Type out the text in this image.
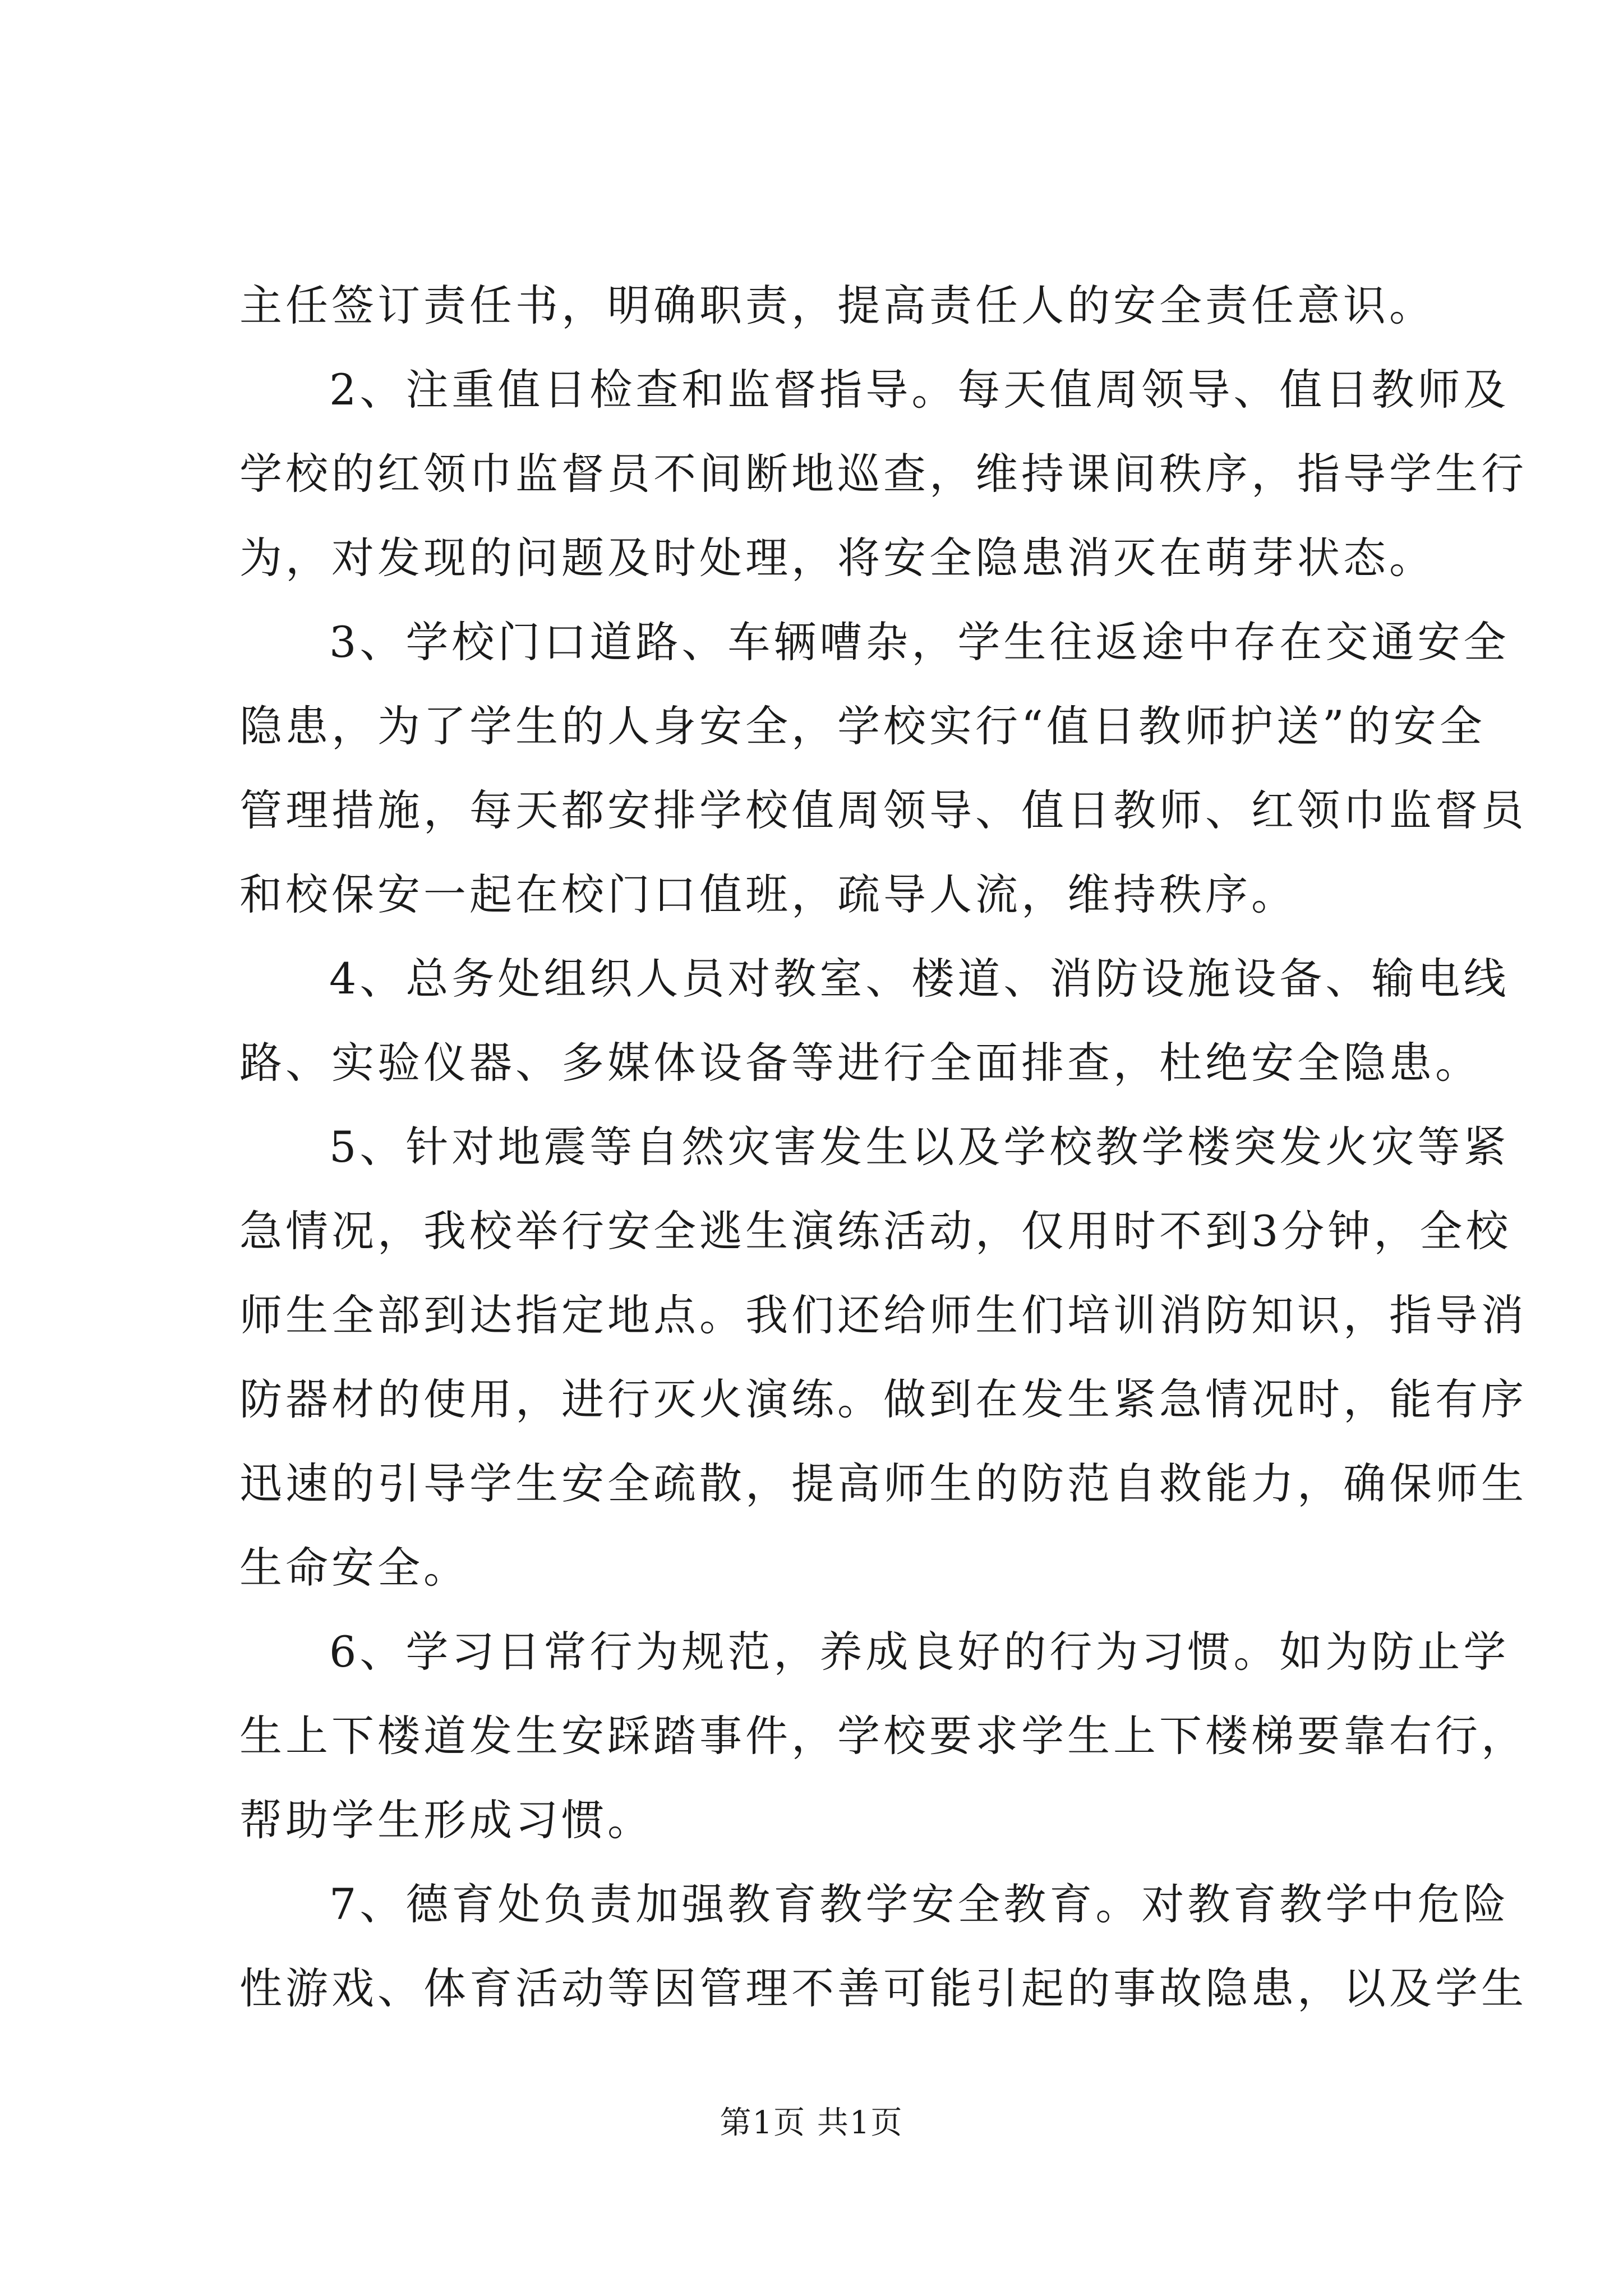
主任签订责任书，明确职责，提高责任人的安全责任意识。
2、注重值日检查和监督指导。每天值周领导、值日教师及
学校的红领巾监督员不间断地巡查，维持课间秩序，指导学生行
为，对发现的问题及时处理，将安全隐患消灭在萌芽状态。
3、学校门口道路、车辆嘈杂，学生往返途中存在交通安全
隐患，为了学生的人身安全，学校实行“值日教师护送”的安全
管理措施，每天都安排学校值周领导、值日教师、红领巾监督员
和校保安一起在校门口值班，疏导人流，维持秩序。
4、总务处组织人员对教室、楼道、消防设施设备、输电线
路、实验仪器、多媒体设备等进行全面排查，杜绝安全隐患。
5、针对地震等自然灾害发生以及学校教学楼突发火灾等紧
急情况，我校举行安全逃生演练活动，仅用时不到3分钟，全校
师生全部到达指定地点。我们还给师生们培训消防知识，指导消
防器材的使用，进行灭火演练。做到在发生紧急情况时，能有序
迅速的引导学生安全疏散，提高师生的防范自救能力，确保师生
生命安全。
6、学习日常行为规范，养成良好的行为习惯。如为防止学
生上下楼道发生安踩踏事件，学校要求学生上下楼梯要靠右行，
帮助学生形成习惯。
7、德育处负责加强教育教学安全教育。对教育教学中危险
性游戏、体育活动等因管理不善可能引起的事故隐患，以及学生
第1页 共1页
